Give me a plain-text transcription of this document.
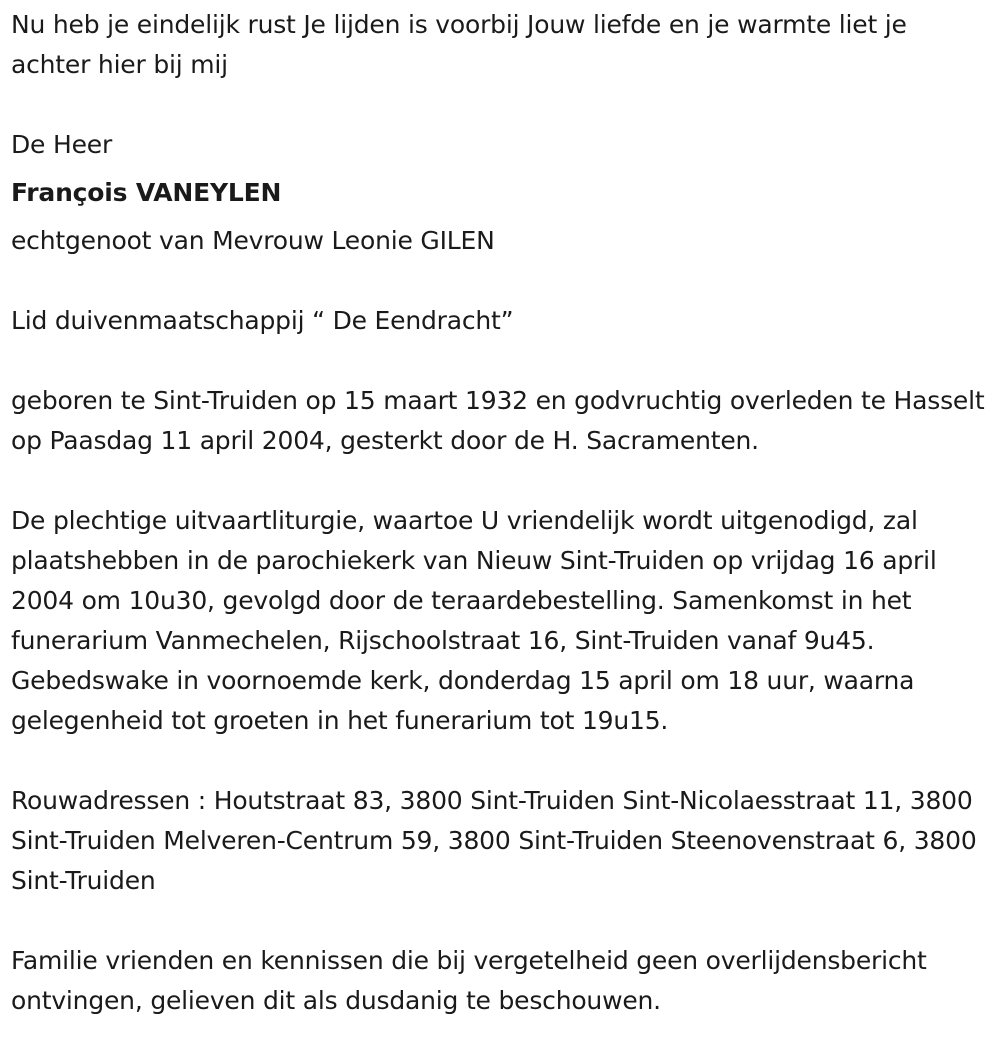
Nu heb je eindelijk rust Je lijden is voorbij Jouw liefde en je warmte liet je achter hier bij mij

De Heer

François VANEYLEN

echtgenoot van Mevrouw Leonie GILEN

Lid duivenmaatschappij “ De Eendracht”

geboren te Sint-Truiden op 15 maart 1932 en godvruchtig overleden te Hasselt op Paasdag 11 april 2004, gesterkt door de H. Sacramenten.

De plechtige uitvaartliturgie, waartoe U vriendelijk wordt uitgenodigd, zal plaatshebben in de parochiekerk van Nieuw Sint-Truiden op vrijdag 16 april 2004 om 10u30, gevolgd door de teraardebestelling. Samenkomst in het funerarium Vanmechelen, Rijschoolstraat 16, Sint-Truiden vanaf 9u45. Gebedswake in voornoemde kerk, donderdag 15 april om 18 uur, waarna gelegenheid tot groeten in het funerarium tot 19u15.

Rouwadressen : Houtstraat 83, 3800 Sint-Truiden Sint-Nicolaesstraat 11, 3800 Sint-Truiden Melveren-Centrum 59, 3800 Sint-Truiden Steenovenstraat 6, 3800 Sint-Truiden

Familie vrienden en kennissen die bij vergetelheid geen overlijdensbericht ontvingen, gelieven dit als dusdanig te beschouwen.
